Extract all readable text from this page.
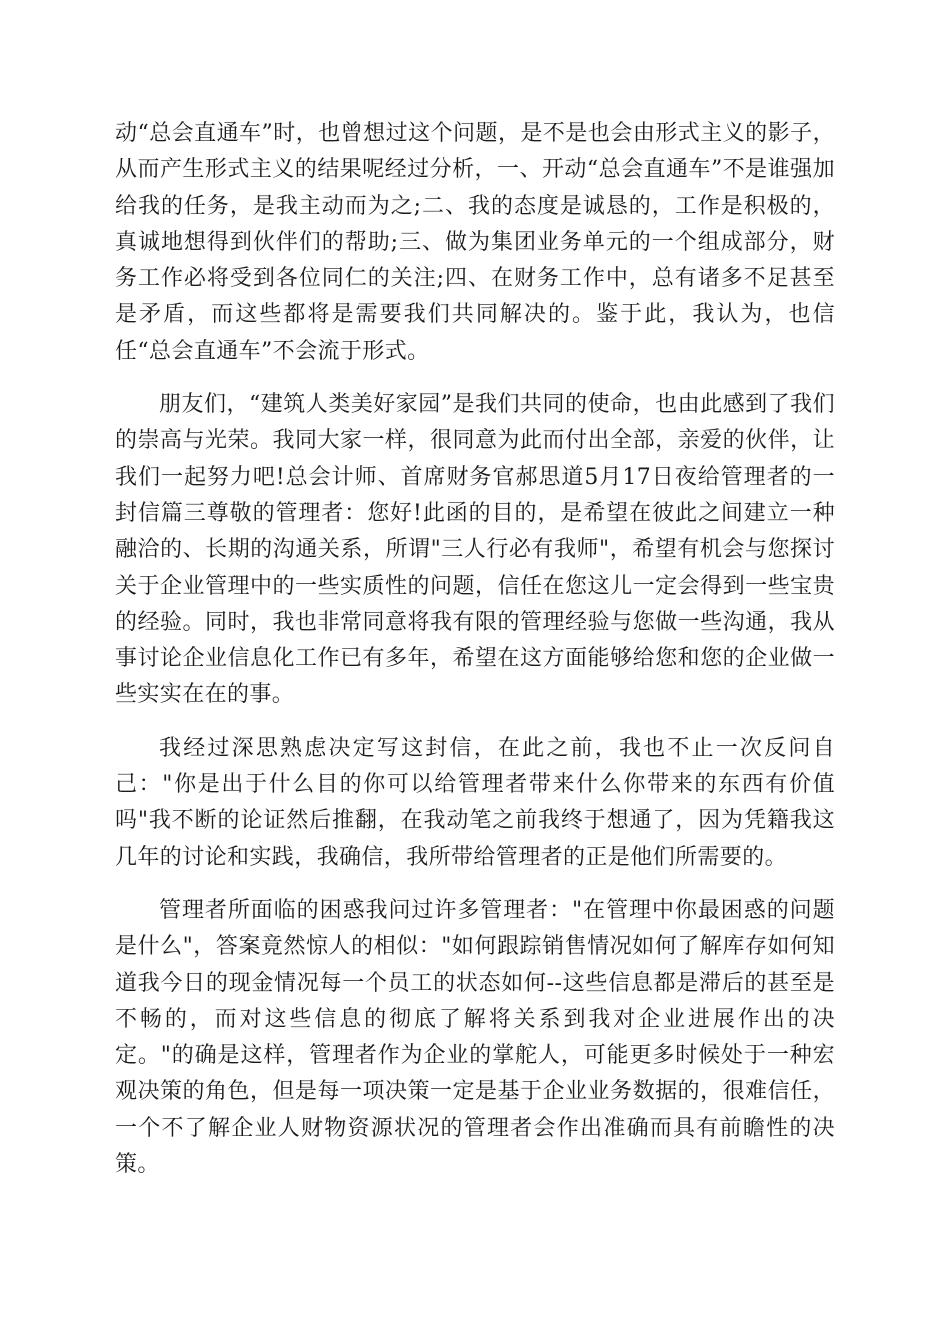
动“总会直通车”时，也曾想过这个问题，是不是也会由形式主义的影子，从而产生形式主义的结果呢经过分析，一、开动“总会直通车”不是谁强加给我的任务，是我主动而为之;二、我的态度是诚恳的，工作是积极的，真诚地想得到伙伴们的帮助;三、做为集团业务单元的一个组成部分，财务工作必将受到各位同仁的关注;四、在财务工作中，总有诸多不足甚至是矛盾，而这些都将是需要我们共同解决的。鉴于此，我认为，也信任“总会直通车”不会流于形式。

朋友们，“建筑人类美好家园”是我们共同的使命，也由此感到了我们的崇高与光荣。我同大家一样，很同意为此而付出全部，亲爱的伙伴，让我们一起努力吧!总会计师、首席财务官郝思道5月17日夜给管理者的一封信篇三尊敬的管理者：您好!此函的目的，是希望在彼此之间建立一种融洽的、长期的沟通关系，所谓"三人行必有我师"，希望有机会与您探讨关于企业管理中的一些实质性的问题，信任在您这儿一定会得到一些宝贵的经验。同时，我也非常同意将我有限的管理经验与您做一些沟通，我从事讨论企业信息化工作已有多年，希望在这方面能够给您和您的企业做一些实实在在的事。

我经过深思熟虑决定写这封信，在此之前，我也不止一次反问自己："你是出于什么目的你可以给管理者带来什么你带来的东西有价值吗"我不断的论证然后推翻，在我动笔之前我终于想通了，因为凭籍我这几年的讨论和实践，我确信，我所带给管理者的正是他们所需要的。

管理者所面临的困惑我问过许多管理者："在管理中你最困惑的问题是什么"，答案竟然惊人的相似："如何跟踪销售情况如何了解库存如何知道我今日的现金情况每一个员工的状态如何--这些信息都是滞后的甚至是不畅的，而对这些信息的彻底了解将关系到我对企业进展作出的决定。"的确是这样，管理者作为企业的掌舵人，可能更多时候处于一种宏观决策的角色，但是每一项决策一定是基于企业业务数据的，很难信任，一个不了解企业人财物资源状况的管理者会作出准确而具有前瞻性的决策。
